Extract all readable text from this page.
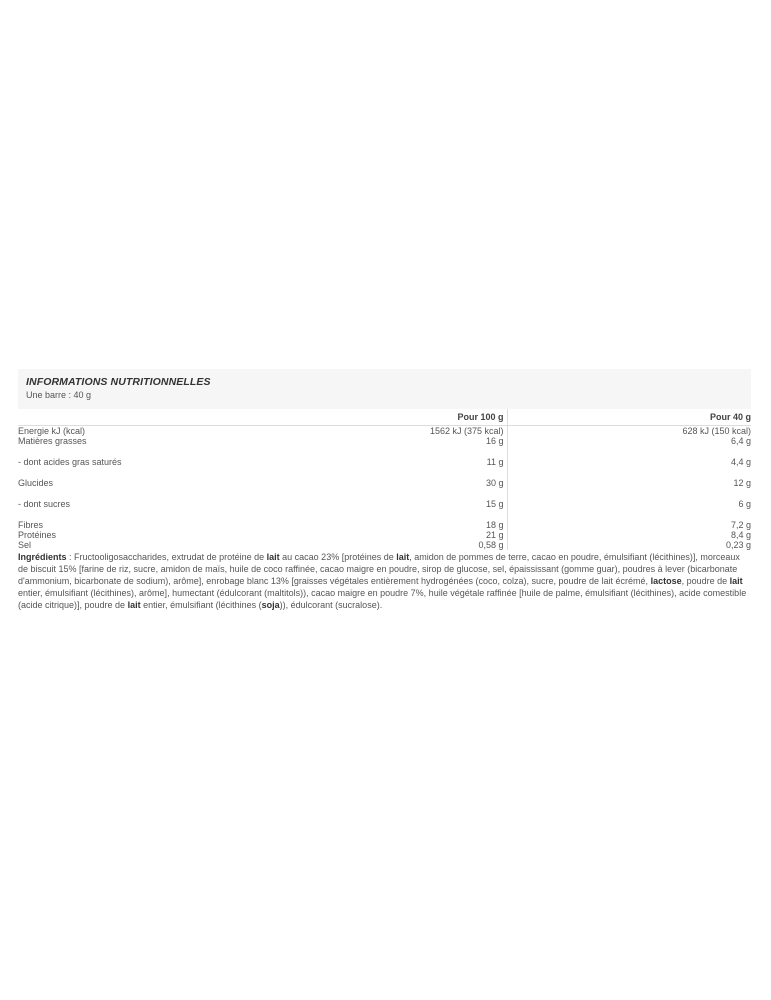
INFORMATIONS NUTRITIONNELLES
Une barre : 40 g
	Pour 100 g	Pour 40 g
Energie kJ (kcal)	1562 kJ (375 kcal)	628 kJ (150 kcal)
Matières grasses	16 g	6,4 g

- dont acides gras saturés	11 g	4,4 g

Glucides	30 g	12 g

- dont sucres	15 g	6 g

Fibres	18 g	7,2 g
Protéines	21 g	8,4 g
Sel	0,58 g	0,23 g
Ingrédients : Fructooligosaccharides, extrudat de protéine de lait au cacao 23% [protéines de lait, amidon de pommes de terre, cacao en poudre, émulsifiant (lécithines)], morceaux de biscuit 15% [farine de riz, sucre, amidon de maïs, huile de coco raffinée, cacao maigre en poudre, sirop de glucose, sel, épaississant (gomme guar), poudres à lever (bicarbonate d'ammonium, bicarbonate de sodium), arôme], enrobage blanc 13% [graisses végétales entièrement hydrogénées (coco, colza), sucre, poudre de lait écrémé, lactose, poudre de lait entier, émulsifiant (lécithines), arôme], humectant (édulcorant (maltitols)), cacao maigre en poudre 7%, huile végétale raffinée [huile de palme, émulsifiant (lécithines), acide comestible (acide citrique)], poudre de lait entier, émulsifiant (lécithines (soja)), édulcorant (sucralose).
